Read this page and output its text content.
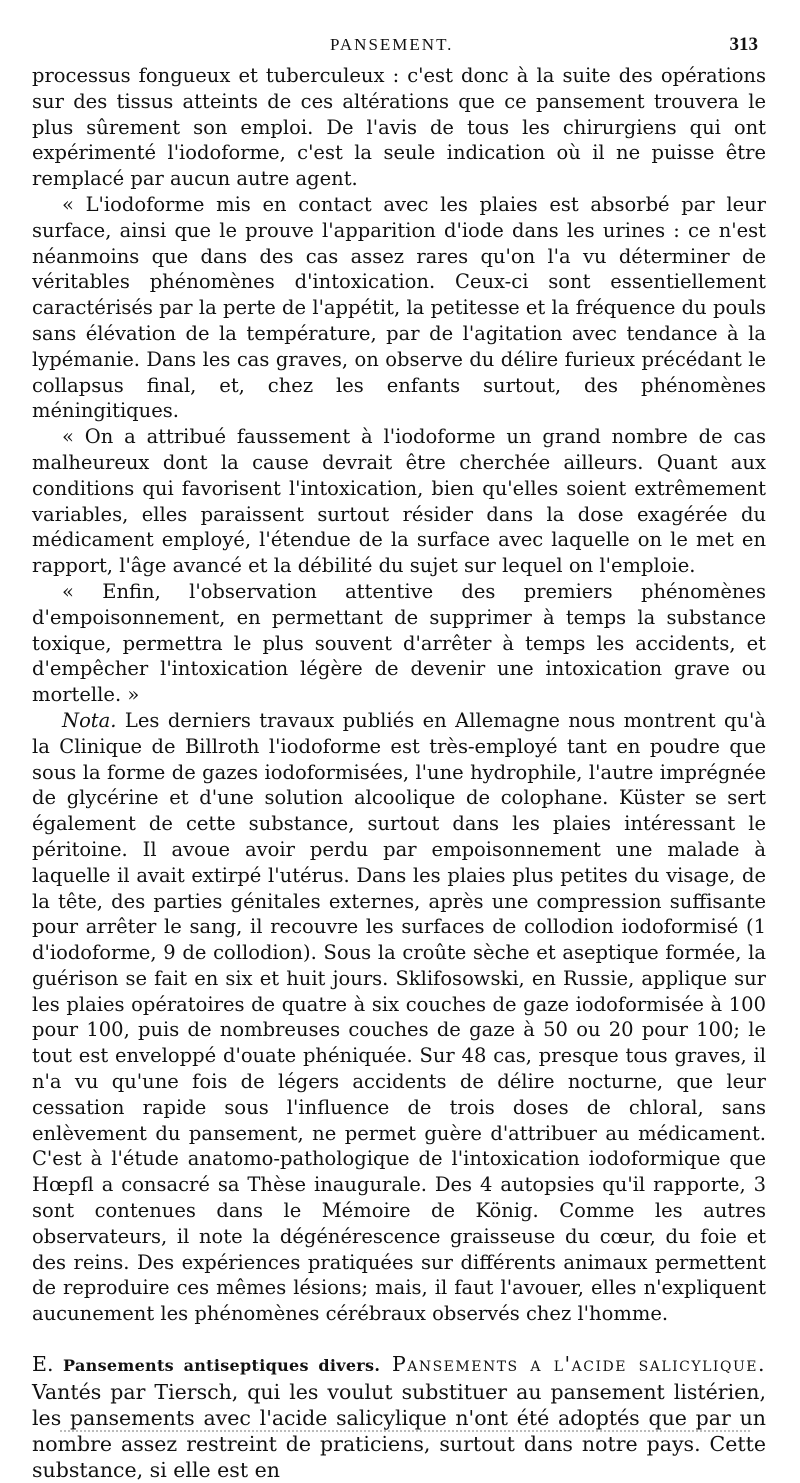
PANSEMENT.	313

processus fongueux et tuberculeux : c'est donc à la suite des opérations sur des tissus atteints de ces altérations que ce pansement trouvera le plus sûrement son emploi. De l'avis de tous les chirurgiens qui ont expérimenté l'iodoforme, c'est la seule indication où il ne puisse être remplacé par aucun autre agent.

« L'iodoforme mis en contact avec les plaies est absorbé par leur surface, ainsi que le prouve l'apparition d'iode dans les urines : ce n'est néanmoins que dans des cas assez rares qu'on l'a vu déterminer de véritables phénomènes d'intoxication. Ceux-ci sont essentiellement caractérisés par la perte de l'appétit, la petitesse et la fréquence du pouls sans élévation de la température, par de l'agitation avec tendance à la lypémanie. Dans les cas graves, on observe du délire furieux précédant le collapsus final, et, chez les enfants surtout, des phénomènes méningitiques.

« On a attribué faussement à l'iodoforme un grand nombre de cas malheureux dont la cause devrait être cherchée ailleurs. Quant aux conditions qui favorisent l'intoxication, bien qu'elles soient extrêmement variables, elles paraissent surtout résider dans la dose exagérée du médicament employé, l'étendue de la surface avec laquelle on le met en rapport, l'âge avancé et la débilité du sujet sur lequel on l'emploie.

« Enfin, l'observation attentive des premiers phénomènes d'empoisonnement, en permettant de supprimer à temps la substance toxique, permettra le plus souvent d'arrêter à temps les accidents, et d'empêcher l'intoxication légère de devenir une intoxication grave ou mortelle. »

Nota. Les derniers travaux publiés en Allemagne nous montrent qu'à la Clinique de Billroth l'iodoforme est très-employé tant en poudre que sous la forme de gazes iodoformisées, l'une hydrophile, l'autre imprégnée de glycérine et d'une solution alcoolique de colophane. Küster se sert également de cette substance, surtout dans les plaies intéressant le péritoine. Il avoue avoir perdu par empoisonnement une malade à laquelle il avait extirpé l'utérus. Dans les plaies plus petites du visage, de la tête, des parties génitales externes, après une compression suffisante pour arrêter le sang, il recouvre les surfaces de collodion iodoformisé (1 d'iodoforme, 9 de collodion). Sous la croûte sèche et aseptique formée, la guérison se fait en six et huit jours. Sklifosowski, en Russie, applique sur les plaies opératoires de quatre à six couches de gaze iodoformisée à 100 pour 100, puis de nombreuses couches de gaze à 50 ou 20 pour 100; le tout est enveloppé d'ouate phéniquée. Sur 48 cas, presque tous graves, il n'a vu qu'une fois de légers accidents de délire nocturne, que leur cessation rapide sous l'influence de trois doses de chloral, sans enlèvement du pansement, ne permet guère d'attribuer au médicament. C'est à l'étude anatomo-pathologique de l'intoxication iodoformique que Hœpfl a consacré sa Thèse inaugurale. Des 4 autopsies qu'il rapporte, 3 sont contenues dans le Mémoire de König. Comme les autres observateurs, il note la dégénérescence graisseuse du cœur, du foie et des reins. Des expériences pratiquées sur différents animaux permettent de reproduire ces mêmes lésions; mais, il faut l'avouer, elles n'expliquent aucunement les phénomènes cérébraux observés chez l'homme.

E. Pansements antiseptiques divers. Pansements a l'acide salicylique. Vantés par Tiersch, qui les voulut substituer au pansement listérien, les pansements avec l'acide salicylique n'ont été adoptés que par un nombre assez restreint de praticiens, surtout dans notre pays. Cette substance, si elle est en
